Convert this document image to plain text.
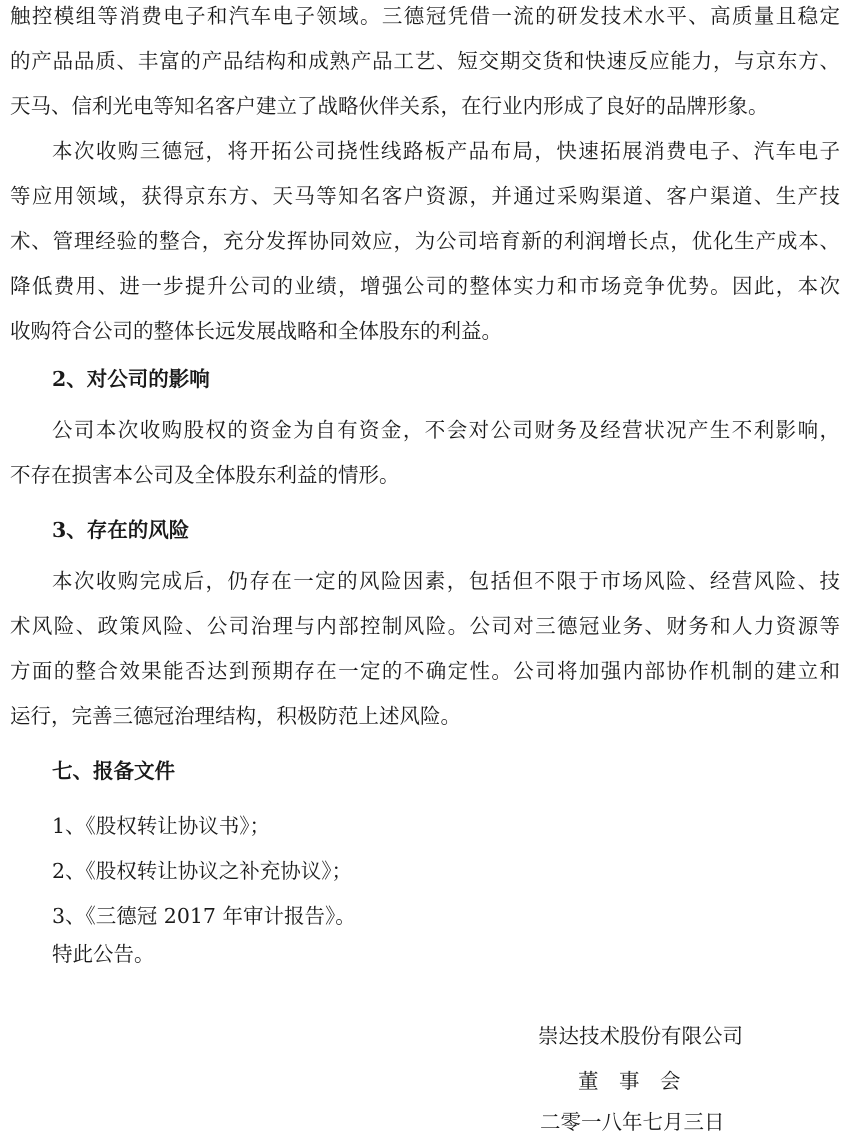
触控模组等消费电子和汽车电子领域。三德冠凭借一流的研发技术水平、高质量且稳定
的产品品质、丰富的产品结构和成熟产品工艺、短交期交货和快速反应能力，与京东方、
天马、信利光电等知名客户建立了战略伙伴关系，在行业内形成了良好的品牌形象。
本次收购三德冠，将开拓公司挠性线路板产品布局，快速拓展消费电子、汽车电子
等应用领域，获得京东方、天马等知名客户资源，并通过采购渠道、客户渠道、生产技
术、管理经验的整合，充分发挥协同效应，为公司培育新的利润增长点，优化生产成本、
降低费用、进一步提升公司的业绩，增强公司的整体实力和市场竞争优势。因此，本次
收购符合公司的整体长远发展战略和全体股东的利益。
2、对公司的影响
公司本次收购股权的资金为自有资金，不会对公司财务及经营状况产生不利影响，
不存在损害本公司及全体股东利益的情形。
3、存在的风险
本次收购完成后，仍存在一定的风险因素，包括但不限于市场风险、经营风险、技
术风险、政策风险、公司治理与内部控制风险。公司对三德冠业务、财务和人力资源等
方面的整合效果能否达到预期存在一定的不确定性。公司将加强内部协作机制的建立和
运行，完善三德冠治理结构，积极防范上述风险。
七、报备文件
1、《股权转让协议书》；
2、《股权转让协议之补充协议》；
3、《三德冠 2017 年审计报告》。
特此公告。
崇达技术股份有限公司
董　事　会
二零一八年七月三日
